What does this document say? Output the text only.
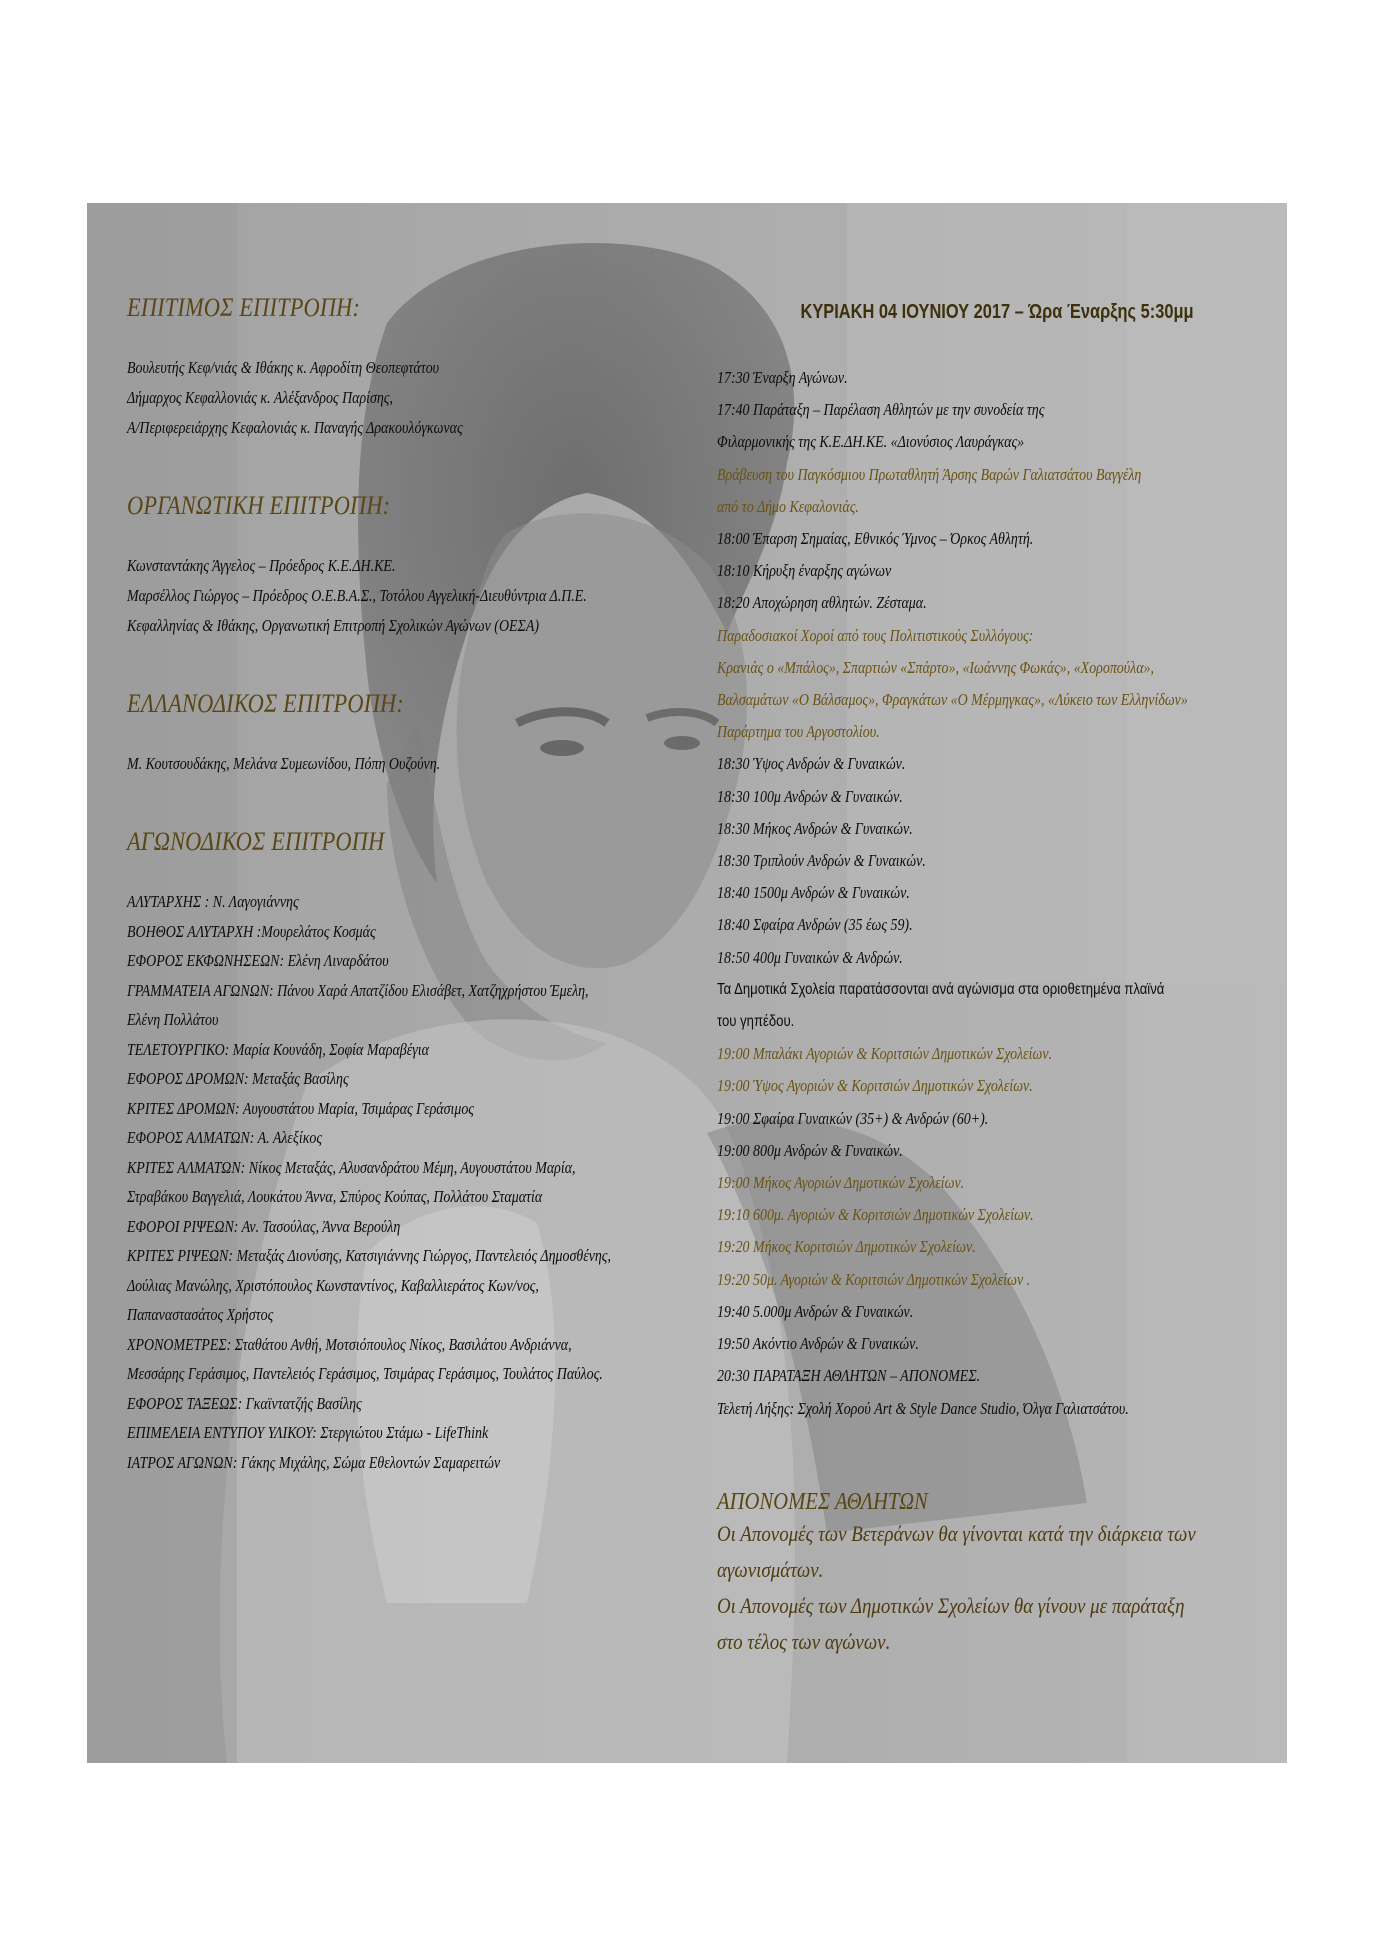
ΕΠΙΤΙΜΟΣ ΕΠΙΤΡΟΠΗ:
Βουλευτής Κεφ/νιάς & Ιθάκης κ. Αφροδίτη Θεοπεφτάτου
Δήμαρχος Κεφαλλονιάς κ. Αλέξανδρος Παρίσης,
Α/Περιφερειάρχης Κεφαλονιάς κ. Παναγής Δρακουλόγκωνας
ΟΡΓΑΝΩΤΙΚΗ ΕΠΙΤΡΟΠΗ:
Κωνσταντάκης Άγγελος – Πρόεδρος Κ.Ε.ΔΗ.ΚΕ.
Μαρσέλλος Γιώργος – Πρόεδρος Ο.Ε.Β.Α.Σ., Τοτόλου Αγγελική-Διευθύντρια Δ.Π.Ε.
Κεφαλληνίας & Ιθάκης, Οργανωτική Επιτροπή Σχολικών Αγώνων (ΟΕΣΑ)
ΕΛΛΑΝΟΔΙΚΟΣ ΕΠΙΤΡΟΠΗ:
Μ. Κουτσουδάκης, Μελάνα Συμεωνίδου, Πόπη Ουζούνη.
ΑΓΩΝΟΔΙΚΟΣ ΕΠΙΤΡΟΠΗ
ΑΛΥΤΑΡΧΗΣ : Ν. Λαγογιάννης
ΒΟΗΘΟΣ ΑΛΥΤΑΡΧΗ :Μουρελάτος Κοσμάς
ΕΦΟΡΟΣ ΕΚΦΩΝΗΣΕΩΝ: Ελένη Λιναρδάτου
ΓΡΑΜΜΑΤΕΙΑ ΑΓΩΝΩΝ: Πάνου Χαρά Απατζίδου Ελισάβετ, Χατζηχρήστου Έμελη,
Ελένη Πολλάτου
ΤΕΛΕΤΟΥΡΓΙΚΟ: Μαρία Κουνάδη, Σοφία Μαραβέγια
ΕΦΟΡΟΣ ΔΡΟΜΩΝ: Μεταξάς Βασίλης
ΚΡΙΤΕΣ ΔΡΟΜΩΝ: Αυγουστάτου Μαρία, Τσιμάρας Γεράσιμος
ΕΦΟΡΟΣ ΑΛΜΑΤΩΝ: Α. Αλεξίκος
ΚΡΙΤΕΣ ΑΛΜΑΤΩΝ: Νίκος Μεταξάς, Αλυσανδράτου Μέμη, Αυγουστάτου Μαρία,
Στραβάκου Βαγγελιά, Λουκάτου Άννα, Σπύρος Κούπας, Πολλάτου Σταματία
ΕΦΟΡΟΙ ΡΙΨΕΩΝ: Αν. Τασούλας, Άννα Βερούλη
ΚΡΙΤΕΣ ΡΙΨΕΩΝ: Μεταξάς Διονύσης, Κατσιγιάννης Γιώργος, Παντελειός Δημοσθένης,
Δούλιας Μανώλης, Χριστόπουλος Κωνσταντίνος, Καβαλλιεράτος Κων/νος,
Παπαναστασάτος Χρήστος
ΧΡΟΝΟΜΕΤΡΕΣ: Σταθάτου Ανθή, Μοτσιόπουλος Νίκος, Βασιλάτου Ανδριάννα,
Μεσσάρης Γεράσιμος, Παντελειός Γεράσιμος, Τσιμάρας Γεράσιμος, Τουλάτος Παύλος.
ΕΦΟΡΟΣ ΤΑΞΕΩΣ: Γκαϊντατζής Βασίλης
ΕΠΙΜΕΛΕΙΑ ΕΝΤΥΠΟΥ ΥΛΙΚΟΥ: Στεργιώτου Στάμω - LifeThink
ΙΑΤΡΟΣ ΑΓΩΝΩΝ: Γάκης Μιχάλης, Σώμα Εθελοντών Σαμαρειτών
ΚΥΡΙΑΚΗ 04 ΙΟΥΝΙΟΥ 2017 – Ώρα Έναρξης 5:30μμ
17:30 Έναρξη Αγώνων.
17:40 Παράταξη – Παρέλαση Αθλητών με την συνοδεία της
Φιλαρμονικής της Κ.Ε.ΔΗ.ΚΕ. «Διονύσιος Λαυράγκας»
Βράβευση του Παγκόσμιου Πρωταθλητή Άρσης Βαρών Γαλιατσάτου Βαγγέλη
από το Δήμο Κεφαλονιάς.
18:00 Έπαρση Σημαίας, Εθνικός Ύμνος – Όρκος Αθλητή.
18:10 Κήρυξη έναρξης αγώνων
18:20 Αποχώρηση αθλητών. Ζέσταμα.
Παραδοσιακοί Χοροί από τους Πολιτιστικούς Συλλόγους:
Κρανιάς ο «Μπάλος», Σπαρτιών «Σπάρτο», «Ιωάννης Φωκάς», «Χοροπούλα»,
Βαλσαμάτων «Ο Βάλσαμος», Φραγκάτων «Ο Μέρμηγκας», «Λύκειο των Ελληνίδων»
Παράρτημα του Αργοστολίου.
18:30 Ύψος Ανδρών & Γυναικών.
18:30 100μ Ανδρών & Γυναικών.
18:30 Μήκος Ανδρών & Γυναικών.
18:30 Τριπλούν Ανδρών & Γυναικών.
18:40 1500μ Ανδρών & Γυναικών.
18:40 Σφαίρα Ανδρών (35 έως 59).
18:50 400μ Γυναικών & Ανδρών.
Τα Δημοτικά Σχολεία παρατάσσονται ανά αγώνισμα στα οριοθετημένα πλαϊνά
του γηπέδου.
19:00 Μπαλάκι Αγοριών & Κοριτσιών Δημοτικών Σχολείων.
19:00 Ύψος Αγοριών & Κοριτσιών Δημοτικών Σχολείων.
19:00 Σφαίρα Γυναικών (35+) & Ανδρών (60+).
19:00 800μ Ανδρών & Γυναικών.
19:00 Μήκος Αγοριών Δημοτικών Σχολείων.
19:10 600μ. Αγοριών & Κοριτσιών Δημοτικών Σχολείων.
19:20 Μήκος Κοριτσιών Δημοτικών Σχολείων.
19:20 50μ. Αγοριών & Κοριτσιών Δημοτικών Σχολείων .
19:40 5.000μ Ανδρών & Γυναικών.
19:50 Ακόντιο Ανδρών & Γυναικών.
20:30 ΠΑΡΑΤΑΞΗ ΑΘΛΗΤΩΝ – ΑΠΟΝΟΜΕΣ.
Τελετή Λήξης: Σχολή Χορού Art & Style Dance Studio, Όλγα Γαλιατσάτου.
ΑΠΟΝΟΜΕΣ ΑΘΛΗΤΩΝ
Οι Απονομές των Βετεράνων θα γίνονται κατά την διάρκεια των
αγωνισμάτων.
Οι Απονομές των Δημοτικών Σχολείων θα γίνουν με παράταξη
στο τέλος των αγώνων.
